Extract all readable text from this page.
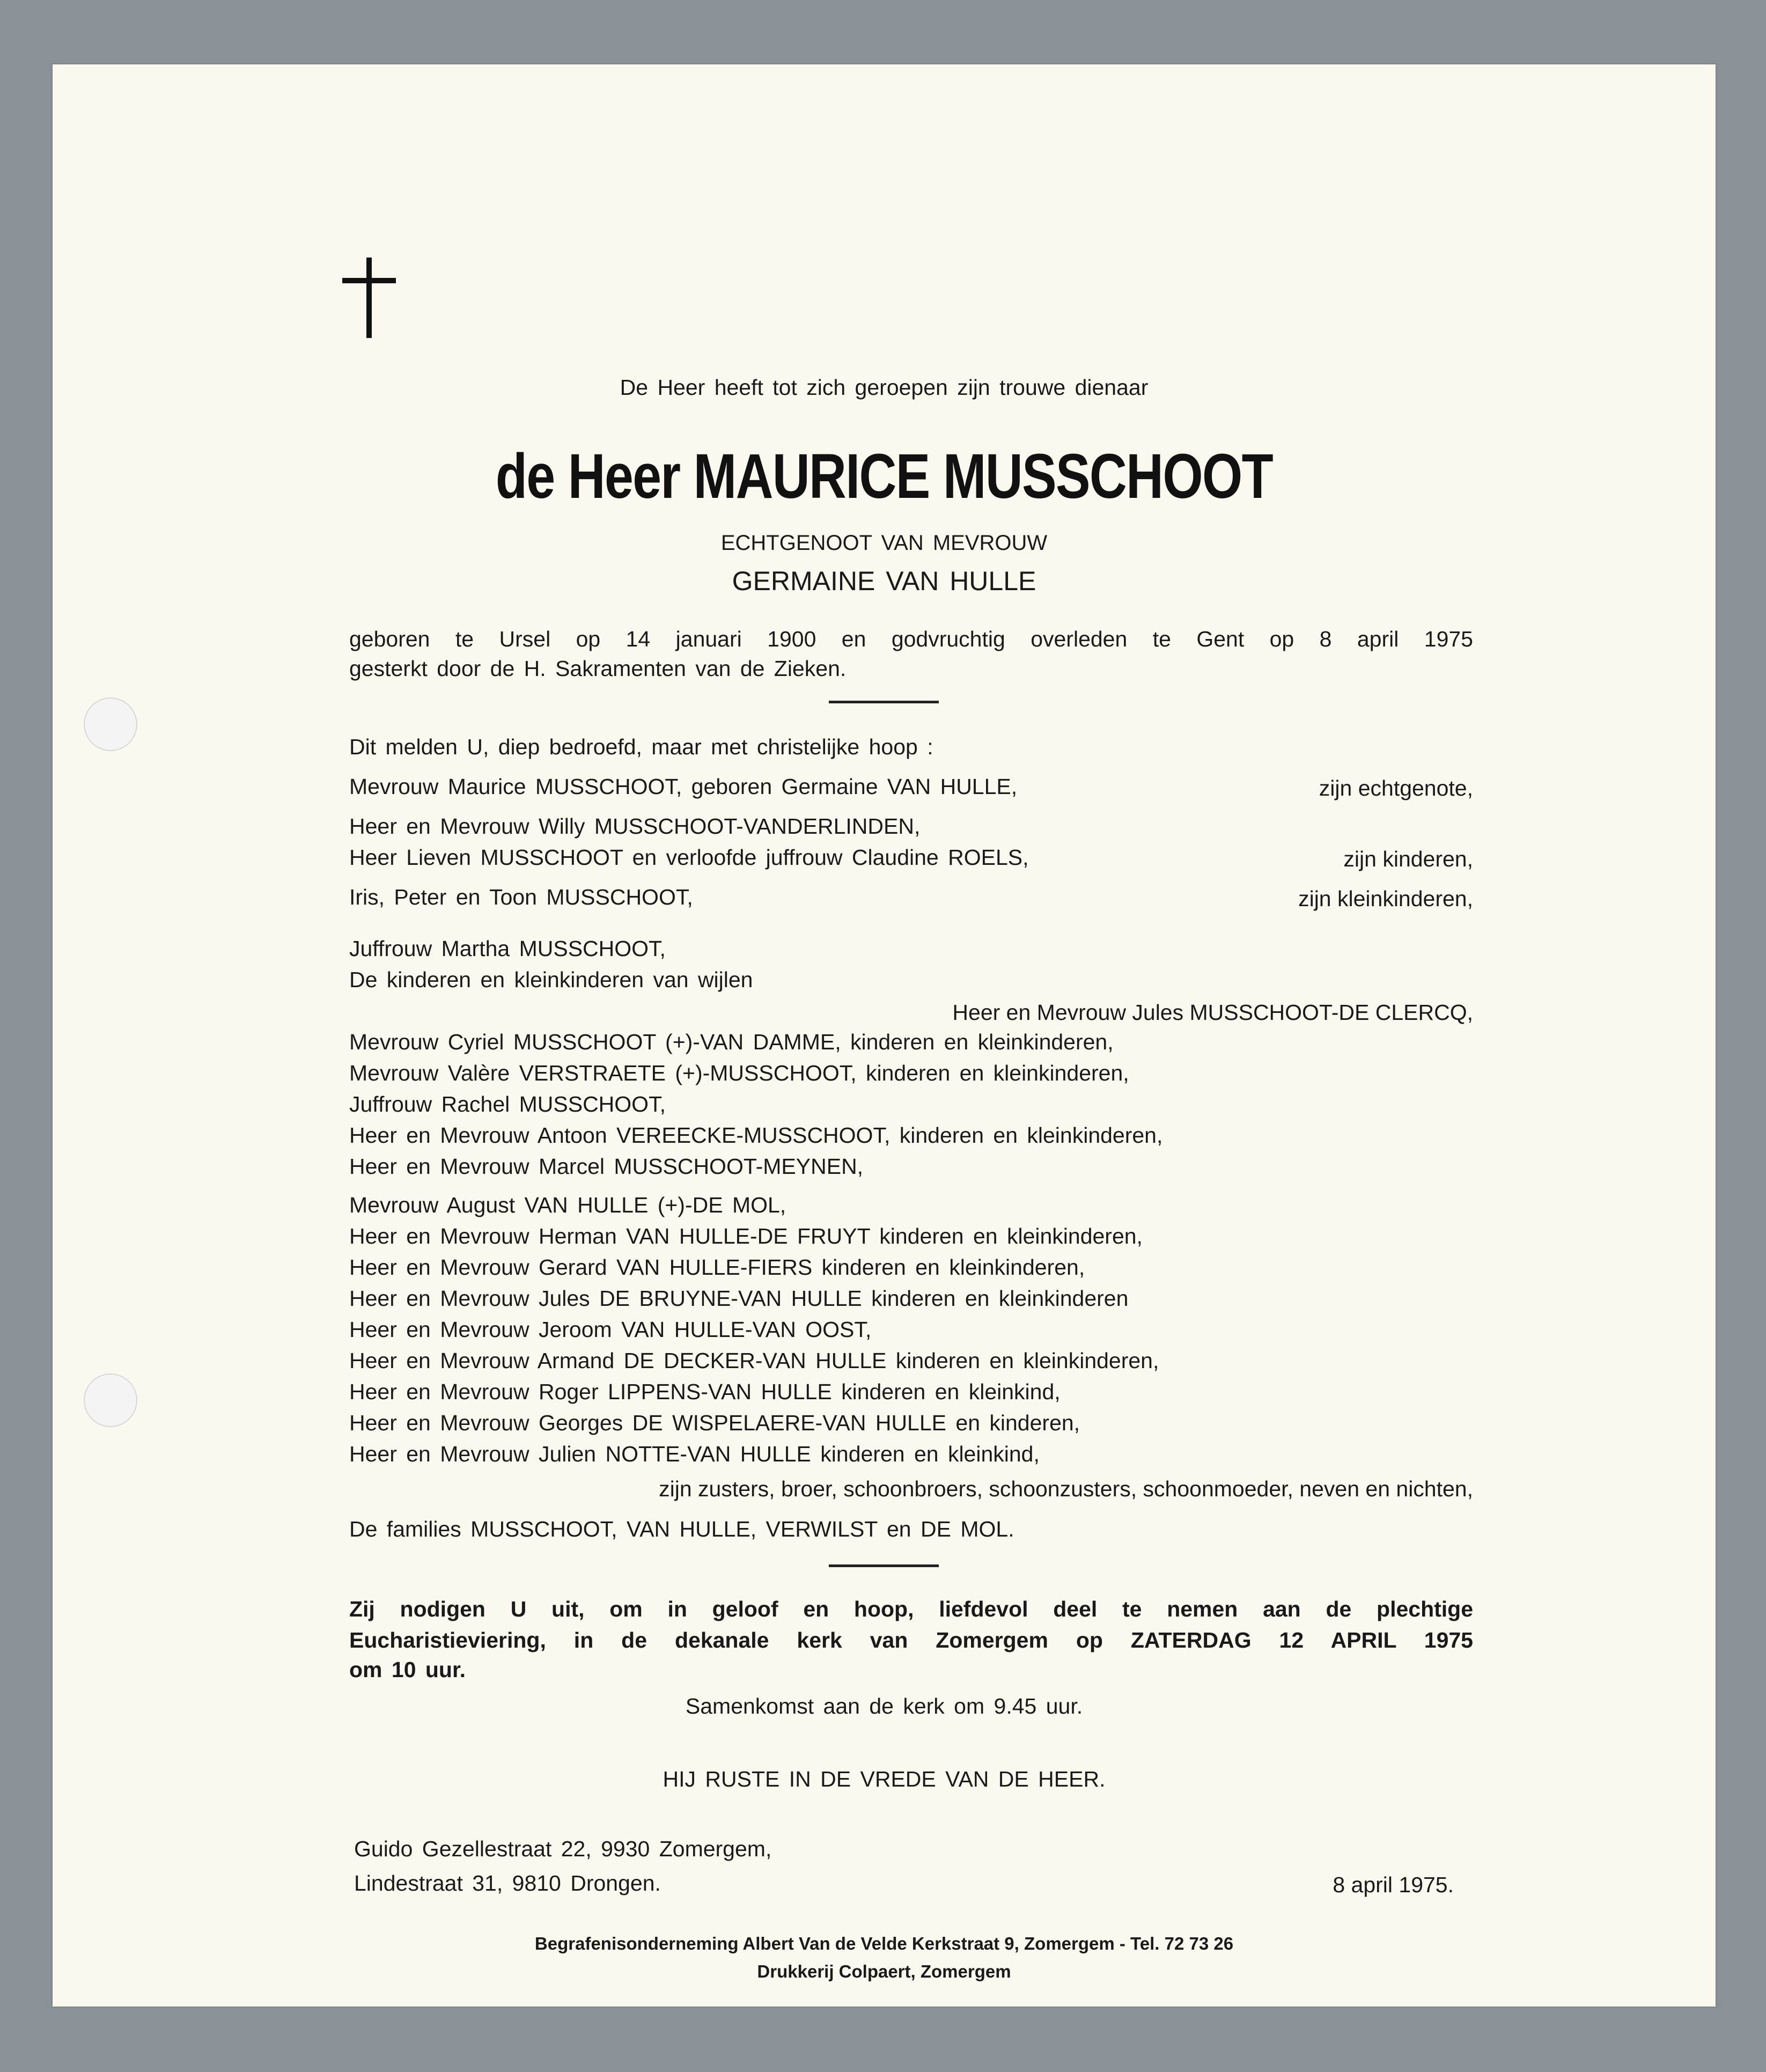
De Heer heeft tot zich geroepen zijn trouwe dienaar
de Heer MAURICE MUSSCHOOT
ECHTGENOOT VAN MEVROUW
GERMAINE VAN HULLE
geboren te Ursel op 14 januari 1900 en godvruchtig overleden te Gent op 8 april 1975
gesterkt door de H. Sakramenten van de Zieken.
Dit melden U, diep bedroefd, maar met christelijke hoop :
Mevrouw Maurice MUSSCHOOT, geboren Germaine VAN HULLE,	zijn echtgenote,
Heer en Mevrouw Willy MUSSCHOOT-VANDERLINDEN,
Heer Lieven MUSSCHOOT en verloofde juffrouw Claudine ROELS,	zijn kinderen,
Iris, Peter en Toon MUSSCHOOT,	zijn kleinkinderen,
Juffrouw Martha MUSSCHOOT,
De kinderen en kleinkinderen van wijlen
Heer en Mevrouw Jules MUSSCHOOT-DE CLERCQ,
Mevrouw Cyriel MUSSCHOOT (+)-VAN DAMME, kinderen en kleinkinderen,
Mevrouw Valère VERSTRAETE (+)-MUSSCHOOT, kinderen en kleinkinderen,
Juffrouw Rachel MUSSCHOOT,
Heer en Mevrouw Antoon VEREECKE-MUSSCHOOT, kinderen en kleinkinderen,
Heer en Mevrouw Marcel MUSSCHOOT-MEYNEN,
Mevrouw August VAN HULLE (+)-DE MOL,
Heer en Mevrouw Herman VAN HULLE-DE FRUYT kinderen en kleinkinderen,
Heer en Mevrouw Gerard VAN HULLE-FIERS kinderen en kleinkinderen,
Heer en Mevrouw Jules DE BRUYNE-VAN HULLE kinderen en kleinkinderen
Heer en Mevrouw Jeroom VAN HULLE-VAN OOST,
Heer en Mevrouw Armand DE DECKER-VAN HULLE kinderen en kleinkinderen,
Heer en Mevrouw Roger LIPPENS-VAN HULLE kinderen en kleinkind,
Heer en Mevrouw Georges DE WISPELAERE-VAN HULLE en kinderen,
Heer en Mevrouw Julien NOTTE-VAN HULLE kinderen en kleinkind,
zijn zusters, broer, schoonbroers, schoonzusters, schoonmoeder, neven en nichten,
De families MUSSCHOOT, VAN HULLE, VERWILST en DE MOL.
Zij nodigen U uit, om in geloof en hoop, liefdevol deel te nemen aan de plechtige
Eucharistieviering, in de dekanale kerk van Zomergem op ZATERDAG 12 APRIL 1975
om 10 uur.
Samenkomst aan de kerk om 9.45 uur.
HIJ RUSTE IN DE VREDE VAN DE HEER.
Guido Gezellestraat 22, 9930 Zomergem,
Lindestraat 31, 9810 Drongen.	8 april 1975.
Begrafenisonderneming Albert Van de Velde Kerkstraat 9, Zomergem - Tel. 72 73 26
Drukkerij Colpaert, Zomergem
